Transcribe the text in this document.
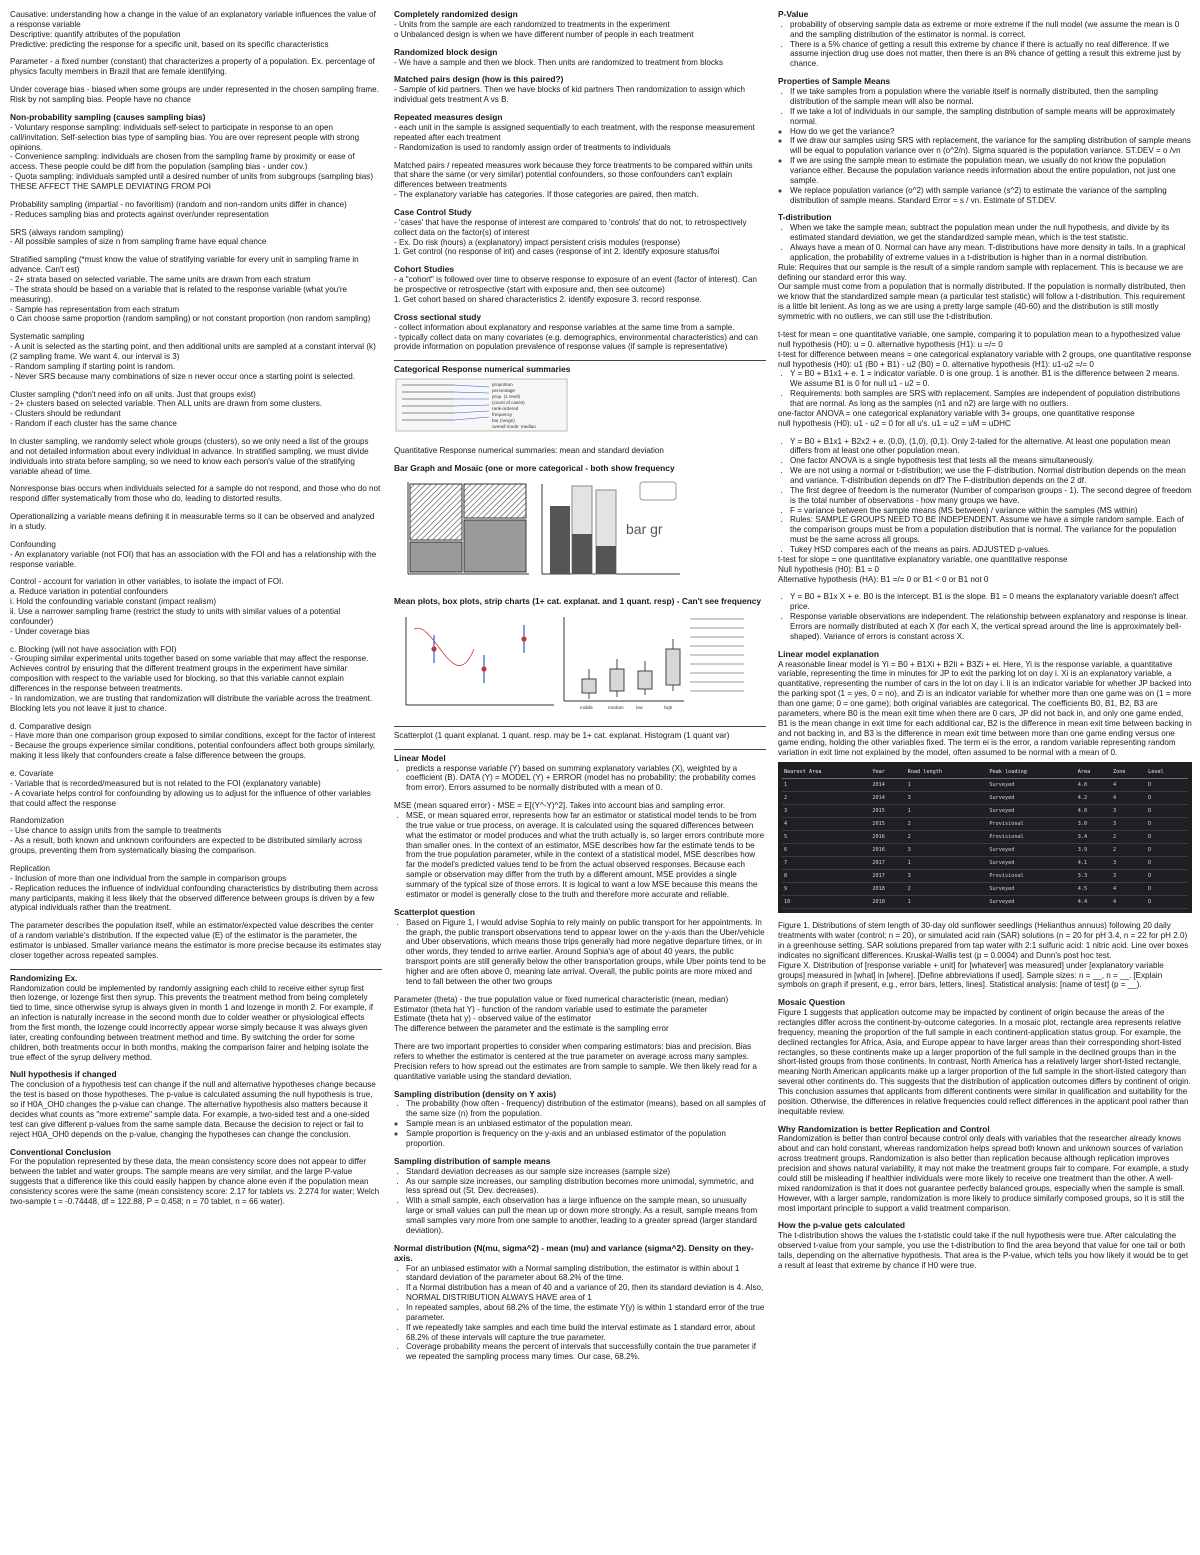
Causative: understanding how a change in the value of an explanatory variable influences the value of a response variable
Descriptive: quantify attributes of the population
Predictive: predicting the response for a specific unit, based on its specific characteristics
Parameter - a fixed number (constant) that characterizes a property of a population. Ex. percentage of physics faculty members in Brazil that are female identifying.
Under coverage bias - biased when some groups are under represented in the chosen sampling frame. Risk by not sampling bias. People have no chance
Non-probability sampling (causes sampling bias)
- Voluntary response sampling: individuals self-select to participate in response to an open call/invitation. Self-selection bias type of sampling bias. You are over represent people with strong opinions.
- Convenience sampling: individuals are chosen from the sampling frame by proximity or ease of access. These people could be diff from the population (sampling bias - under cov.)
- Quota sampling: individuals sampled until a desired number of units from subgroups (sampling bias)
THESE AFFECT THE SAMPLE DEVIATING FROM POI
Probability sampling (impartial - no favoritism) (random and non-random units differ in chance)
- Reduces sampling bias and protects against over/under representation
SRS (always random sampling)
- All possible samples of size n from sampling frame have equal chance
Stratified sampling (*must know the value of stratifying variable for every unit in sampling frame in advance. Can't est)
- 2+ strata based on selected variable. The same units are drawn from each stratum
- The strata should be based on a variable that is related to the response variable (what you're measuring).
- Sample has representation from each stratum
o Can choose same proportion (random sampling) or not constant proportion (non random sampling)
Systematic sampling
- A unit is selected as the starting point, and then additional units are sampled at a constant interval (k) (2 sampling frame. We want 4. our interval is 3)
- Random sampling if starting point is random.
- Never SRS because many combinations of size n never occur once a starting point is selected.
Cluster sampling (*don't need info on all units. Just that groups exist)
- 2+ clusters based on selected variable. Then ALL units are drawn from some clusters.
- Clusters should be redundant
- Random if each cluster has the same chance
In cluster sampling, we randomly select whole groups (clusters), so we only need a list of the groups and not detailed information about every individual in advance. In stratified sampling, we must divide individuals into strata before sampling, so we need to know each person's value of the stratifying variable ahead of time.
Nonresponse bias occurs when individuals selected for a sample do not respond, and those who do not respond differ systematically from those who do, leading to distorted results.
Operationalizing a variable means defining it in measurable terms so it can be observed and analyzed in a study.
Confounding
- An explanatory variable (not FOI) that has an association with the FOI and has a relationship with the response variable.
Control - account for variation in other variables, to isolate the impact of FOI.
a. Reduce variation in potential confounders
i. Hold the confounding variable constant (impact realism)
ii. Use a narrower sampling frame (restrict the study to units with similar values of a potential confounder)
- Under coverage bias
c. Blocking (will not have association with FOI)
- Grouping similar experimental units together based on some variable that may affect the response. Achieves control by ensuring that the different treatment groups in the experiment have similar composition with respect to the variable used for blocking, so that this variable cannot explain differences in the response between treatments.
- In randomization, we are trusting that randomization will distribute the variable across the treatment. Blocking lets you not leave it just to chance.
d. Comparative design
- Have more than one comparison group exposed to similar conditions, except for the factor of interest
- Because the groups experience similar conditions, potential confounders affect both groups similarly, making it less likely that confounders create a false difference between the groups.
e. Covariate
- Variable that is recorded/measured but is not related to the FOI (explanatory variable)
- A covariate helps control for confounding by allowing us to adjust for the influence of other variables that could affect the response
Randomization
- Use chance to assign units from the sample to treatments
- As a result, both known and unknown confounders are expected to be distributed similarly across groups, preventing them from systematically biasing the comparison.
Replication
- Inclusion of more than one individual from the sample in comparison groups
- Replication reduces the influence of individual confounding characteristics by distributing them across many participants, making it less likely that the observed difference between groups is driven by a few atypical individuals rather than the treatment.
The parameter describes the population itself, while an estimator/expected value describes the center of a random variable's distribution. If the expected value (E) of the estimator is the parameter, the estimator is unbiased. Smaller variance means the estimator is more precise because its estimates stay closer together across repeated samples.
Randomizing Ex.
Randomization could be implemented by randomly assigning each child to receive either syrup first then lozenge, or lozenge first then syrup. This prevents the treatment method from being completely tied to time, since otherwise syrup is always given in month 1 and lozenge in month 2. For example, if an infection is naturally increase in the second month due to colder weather or physiological effects from the first month, the lozenge could incorrectly appear worse simply because it was always given later, creating confounding between treatment method and time. By switching the order for some children, both treatments occur in both months, making the comparison fairer and helping isolate the true effect of the syrup delivery method.
Null hypothesis if changed
The conclusion of a hypothesis test can change if the null and alternative hypotheses change because the test is based on those hypotheses. The p-value is calculated assuming the null hypothesis is true, so if H0A_OH0 changes the p-value can change. The alternative hypothesis also matters because it decides what counts as "more extreme" sample data. For example, a two-sided test and a one-sided test can give different p-values from the same sample data. Because the decision to reject or fail to reject H0A_OH0 depends on the p-value, changing the hypotheses can change the conclusion.
Conventional Conclusion
For the population represented by these data, the mean consistency score does not appear to differ between the tablet and water groups. The sample means are very similar, and the large P-value suggests that a difference like this could easily happen by chance alone even if the population mean consistency scores were the same (mean consistency score: 2.17 for tablets vs. 2.274 for water; Welch two-sample t = -0.74448, df = 122.88, P = 0.458; n = 70 tablet, n = 66 water).
Completely randomized design
- Units from the sample are each randomized to treatments in the experiment
o Unbalanced design is when we have different number of people in each treatment
Randomized block design
- We have a sample and then we block. Then units are randomized to treatment from blocks
Matched pairs design (how is this paired?)
- Sample of kid partners. Then we have blocks of kid partners Then randomization to assign which individual gets treatment A vs B.
Repeated measures design
- each unit in the sample is assigned sequentially to each treatment, with the response measurement repeated after each treatment
- Randomization is used to randomly assign order of treatments to individuals
Matched pairs / repeated measures work because they force treatments to be compared within units that share the same (or very similar) potential confounders, so those confounders can't explain differences between treatments
- The explanatory variable has categories. If those categories are paired, then match.
Case Control Study
- 'cases' that have the response of interest are compared to 'controls' that do not, to retrospectively collect data on the factor(s) of interest
- Ex. Do risk (hours) a (explanatory) impact persistent crisis modules (response)
1. Get control (no response of int) and cases (response of int 2. Identify exposure status/foi
Cohort Studies
- a "cohort" is followed over time to observe response to exposure of an event (factor of interest). Can be prospective or retrospective (start with exposure and, then see outcome)
1. Get cohort based on shared characteristics 2. identify exposure 3. record response.
Cross sectional study
- collect information about explanatory and response variables at the same time from a sample.
- typically collect data on many covariates (e.g. demographics, environmental characteristics) and can provide information on population prevalence of response values (if sample is representative)
Categorical Response numerical summaries
proportion
percentage
prop. (1 level)
(count of cases)
rank-ordered
frequency
bar (range)
overall mode: median
Quantitative Response numerical summaries: mean and standard deviation
Bar Graph and Mosaic (one or more categorical - both show frequency
bar gr
Mean plots, box plots, strip charts (1+ cat. explanat. and 1 quant. resp) - Can't see frequency
middle	medium	low	high
Scatterplot (1 quant explanat. 1 quant. resp. may be 1+ cat. explanat. Histogram (1 quant var)
Linear Model
• predicts a response variable (Y) based on summing explanatory variables (X), weighted by a coefficient (B). DATA (Y) = MODEL (Y) + ERROR (model has no probability; the probability comes from error). Errors assumed to be normally distributed with a mean of 0.
MSE (mean squared error) - MSE = E[(Y^-Y)^2]. Takes into account bias and sampling error.
• MSE, or mean squared error, represents how far an estimator or statistical model tends to be from the true value or true process, on average. It is calculated using the squared differences between what the estimator or model produces and what the truth actually is, so larger errors contribute more than smaller ones. In the context of an estimator, MSE describes how far the estimate tends to be from the true population parameter, while in the context of a statistical model, MSE describes how far the model's predicted values tend to be from the actual observed responses. Because each sample or observation may differ from the truth by a different amount, MSE provides a single summary of the typical size of those errors. It is logical to want a low MSE because this means the estimator or model is generally close to the truth and therefore more accurate and reliable.
Scatterplot question
• Based on Figure 1, I would advise Sophia to rely mainly on public transport for her appointments. In the graph, the public transport observations tend to appear lower on the y-axis than the Uber/vehicle and Uber observations, which means those trips generally had more negative departure times, or in other words, they tended to arrive earlier. Around Sophia's age of about 40 years, the public transport points are still generally below the other transportation groups, while Uber points tend to be higher and are often above 0, meaning late arrival. Overall, the public points are more mixed and tend to fall between the other two groups
Parameter (theta) - the true population value or fixed numerical characteristic (mean, median)
Estimator (theta hat Y) - function of the random variable used to estimate the parameter
Estimate (theta hat y) - observed value of the estimator
The difference between the parameter and the estimate is the sampling error
There are two important properties to consider when comparing estimators: bias and precision. Bias refers to whether the estimator is centered at the true parameter on average across many samples. Precision refers to how spread out the estimates are from sample to sample. We then likely read for a quantitative variable using the standard deviation.
Sampling distribution (density on Y axis)
• The probability (how often - frequency) distribution of the estimator (means), based on all samples of the same size (n) from the population.
◦ Sample mean is an unbiased estimator of the population mean.
◦ Sample proportion is frequency on the y-axis and an unbiased estimator of the population proportion.
Sampling distribution of sample means
• Standard deviation decreases as our sample size increases (sample size)
• As our sample size increases, our sampling distribution becomes more unimodal, symmetric, and less spread out (St. Dev. decreases).
• With a small sample, each observation has a large influence on the sample mean, so unusually large or small values can pull the mean up or down more strongly. As a result, sample means from small samples vary more from one sample to another, leading to a greater spread (larger standard deviation).
Normal distribution (N(mu, sigma^2) - mean (mu) and variance (sigma^2). Density on they-axis.
• For an unbiased estimator with a Normal sampling distribution, the estimator is within about 1 standard deviation of the parameter about 68.2% of the time.
• If a Normal distribution has a mean of 40 and a variance of 20, then its standard deviation is 4. Also, NORMAL DISTRIBUTION ALWAYS HAVE area of 1
• In repeated samples, about 68.2% of the time, the estimate Y(y) is within 1 standard error of the true parameter.
• If we repeatedly take samples and each time build the interval estimate as 1 standard error, about 68.2% of these intervals will capture the true parameter.
• Coverage probability means the percent of intervals that successfully contain the true parameter if we repeated the sampling process many times. Our case, 68.2%.
P-Value
• probability of observing sample data as extreme or more extreme if the null model (we assume the mean is 0 and the sampling distribution of the estimator is normal. is correct.
• There is a 5% chance of getting a result this extreme by chance if there is actually no real difference. If we assume injection drug use does not matter, then there is an 8% chance of getting a result this extreme just by chance.
Properties of Sample Means
• If we take samples from a population where the variable itself is normally distributed, then the sampling distribution of the sample mean will also be normal.
• If we take a lot of individuals in our sample, the sampling distribution of sample means will be approximately normal.
◦ How do we get the variance?
◦ If we draw our samples using SRS with replacement, the variance for the sampling distribution of sample means will be equal to population variance over n (o^2/n). Sigma squared is the population variance. ST.DEV = o /vn
◦ If we are using the sample mean to estimate the population mean, we usually do not know the population variance either. Because the population variance needs information about the entire population, not just one sample.
◦ We replace population variance (o^2) with sample variance (s^2) to estimate the variance of the sampling distribution of sample means. Standard Error = s / vn. Estimate of ST.DEV.
T-distribution
• When we take the sample mean, subtract the population mean under the null hypothesis, and divide by its estimated standard deviation, we get the standardized sample mean, which is the test statistic.
• Always have a mean of 0. Normal can have any mean. T-distributions have more density in tails. In a graphical application, the probability of extreme values in a t-distribution is higher than in a normal distribution.
Rule: Requires that our sample is the result of a simple random sample with replacement. This is because we are defining our standard error this way.
Our sample must come from a population that is normally distributed. If the population is normally distributed, then we know that the standardized sample mean (a particular test statistic) will follow a t-distribution. This requirement is a little bit lenient. As long as we are using a pretty large sample (40-60) and the distribution is still mostly symmetric with no outliers, we can still use the t-distribution.
t-test for mean = one quantitative variable, one sample, comparing it to population mean to a hypothesized value
null hypothesis (H0): u = 0. alternative hypothesis (H1): u =/= 0
t-test for difference between means = one categorical explanatory variable with 2 groups, one quantitative response
null hypothesis (H0): u1 (B0 + B1) - u2 (B0) = 0. alternative hypothesis (H1): u1-u2 =/= 0
• Y = B0 + B1x1 + e. 1 = indicator variable. 0 is one group. 1 is another. B1 is the difference between 2 means. We assume B1 is 0 for null u1 - u2 = 0.
• Requirements: both samples are SRS with replacement. Samples are independent of population distributions that are normal. As long as the samples (n1 and n2) are large with no outliers.
one-factor ANOVA = one categorical explanatory variable with 3+ groups, one quantitative response
null hypothesis (H0): u1 - u2 = 0 for all u's. u1 = u2 = uM = uDHC
• Y = B0 + B1x1 + B2x2 + e. (0,0), (1,0), (0,1). Only 2-tailed for the alternative. At least one population mean differs from at least one other population mean.
• One factor ANOVA is a single hypothesis test that tests all the means simultaneously.
• We are not using a normal or t-distribution; we use the F-distribution. Normal distribution depends on the mean and variance. T-distribution depends on df? The F-distribution depends on the 2 df.
• The first degree of freedom is the numerator (Number of comparison groups - 1). The second degree of freedom is the total number of observations - how many groups we have.
• F = variance between the sample means (MS between) / variance within the samples (MS within)
• Rules: SAMPLE GROUPS NEED TO BE INDEPENDENT. Assume we have a simple random sample. Each of the comparison groups must be from a population distribution that is normal. The variance for the population must be the same across all groups.
• Tukey HSD compares each of the means as pairs. ADJUSTED p-values.
t-test for slope = one quantitative explanatory variable, one quantitative response
Null hypothesis (H0): B1 = 0
Alternative hypothesis (HA): B1 =/= 0 or B1 < 0 or B1 not 0
• Y = B0 + B1x X + e. B0 is the intercept. B1 is the slope. B1 = 0 means the explanatory variable doesn't affect price.
• Response variable observations are independent. The relationship between explanatory and response is linear. Errors are normally distributed at each X (for each X, the vertical spread around the line is approximately bell-shaped). Variance of errors is constant across X.
Linear model explanation
A reasonable linear model is Yi = B0 + B1Xi + B2Ii + B3Zi + ei. Here, Yi is the response variable, a quantitative variable, representing the time in minutes for JP to exit the parking lot on day i. Xi is an explanatory variable, a quantitative, representing the number of cars in the lot on day i. Ii is an indicator variable for whether JP backed into the parking spot (1 = yes, 0 = no), and Zi is an indicator variable for whether more than one game was on (1 = more than one game; 0 = one game); both original variables are categorical. The coefficients B0, B1, B2, B3 are parameters, where B0 is the mean exit time when there are 0 cars, JP did not back in, and only one game ended, B1 is the mean change in exit time for each additional car, B2 is the difference in mean exit time between backing in and not backing in, and B3 is the difference in mean exit time between more than one game ending versus one game ending, holding the other variables fixed. The term ei is the error, a random variable representing random variation in exit time not explained by the model, often assumed to be normal with a mean of 0.
Nearest Area	Year	Road length	Peak loading	Area	Zone	Level
1	2014	1	Surveyed	4.0	4	D
2	2014	3	Surveyed	4.2	4	D
3	2015	1	Surveyed	4.0	3	D
4	2015	2	Provisional	3.0	3	D
5	2016	2	Provisional	3.4	2	D
6	2016	3	Surveyed	3.9	2	D
7	2017	1	Surveyed	4.1	3	D
8	2017	3	Provisional	3.3	3	D
9	2018	2	Surveyed	4.5	4	D
10	2018	1	Surveyed	4.4	4	D
Figure 1. Distributions of stem length of 30-day old sunflower seedlings (Helianthus annuus) following 20 daily treatments with water (control; n = 20), or simulated acid rain (SAR) solutions (n = 20 for pH 3.4, n = 22 for pH 2.0) in a greenhouse setting. SAR solutions prepared from tap water with 2:1 sulfuric acid: 1 nitric acid. Line over boxes indicates no significant differences. Kruskal-Wallis test (p = 0.0004) and Dunn's post hoc test.
Figure X. Distribution of [response variable + unit] for [whatever] was measured] under [explanatory variable groups] measured in [what] in [where]. [Define abbreviations if used]. Sample sizes: n = __, n = __. [Explain symbols on graph if present, e.g., error bars, letters, lines]. Statistical analysis: [name of test] (p = __).
Mosaic Question
Figure 1 suggests that application outcome may be impacted by continent of origin because the areas of the rectangles differ across the continent-by-outcome categories. In a mosaic plot, rectangle area represents relative frequency, meaning the proportion of the full sample in each continent-application status group. For example, the declined rectangles for Africa, Asia, and Europe appear to have larger areas than their corresponding short-listed rectangles, so these continents make up a larger proportion of the full sample in the declined groups than in the short-listed groups from those continents. In contrast, North America has a relatively larger short-listed rectangle, meaning North American applicants make up a larger proportion of the full sample in the short-listed category than several other continents do. This suggests that the distribution of application outcomes differs by continent of origin. This conclusion assumes that applicants from different continents were similar in qualification and suitability for the position. Otherwise, the differences in relative frequencies could reflect differences in the applicant pool rather than inequitable review.
Why Randomization is better Replication and Control
Randomization is better than control because control only deals with variables that the researcher already knows about and can hold constant, whereas randomization helps spread both known and unknown sources of variation across treatment groups. Randomization is also better than replication because although replication improves precision and shows natural variability, it may not make the treatment groups fair to compare. For example, a study could still be misleading if healthier individuals were more likely to receive one treatment than the other. A well-mixed randomization is that it does not guarantee perfectly balanced groups, especially when the sample is small. However, with a larger sample, randomization is more likely to produce similarly composed groups, so it is still the most important principle to support a valid treatment comparison.
How the p-value gets calculated
The t-distribution shows the values the t-statistic could take if the null hypothesis were true. After calculating the observed t-value from your sample, you use the t-distribution to find the area beyond that value for one tail or both tails, depending on the alternative hypothesis. That area is the P-value, which tells you how likely it would be to get a result at least that extreme by chance if H0 were true.
